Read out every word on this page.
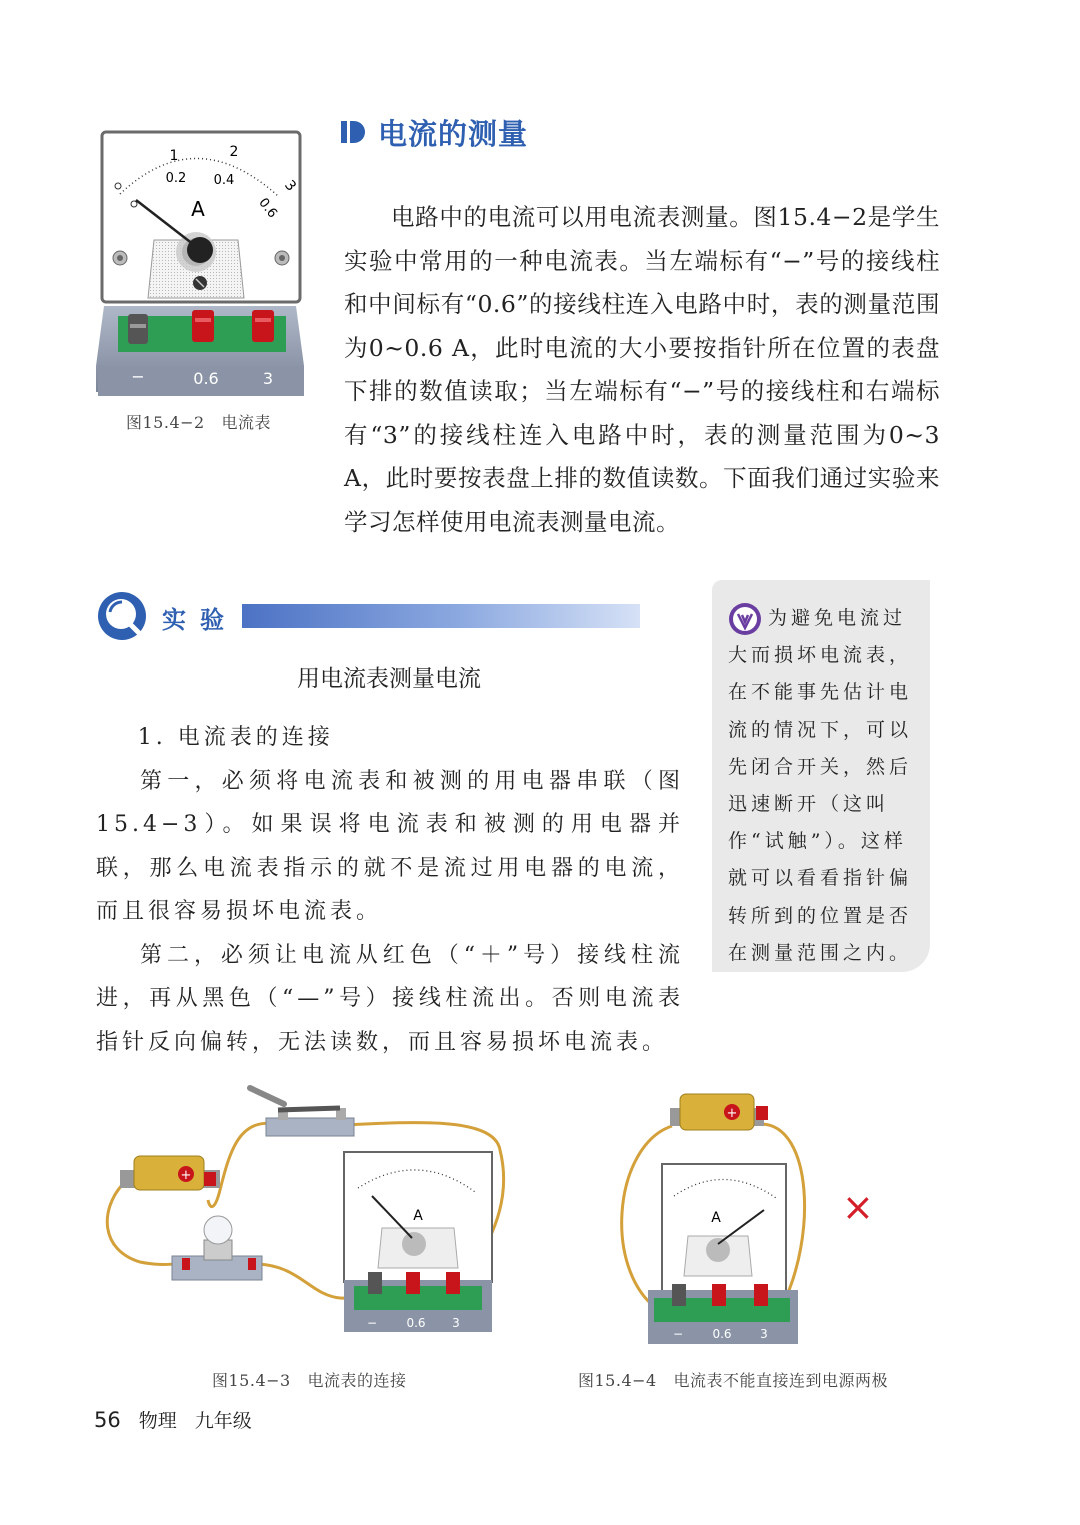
电流的测量
1	2
3
0.2 0.4
0.6
A
−	0.6	3
图15.4−2 电流表

电路中的电流可以用电流表测量。图15.4−2是学生实验中常用的一种电流表。当左端标有“−”号的接线柱和中间标有“0.6”的接线柱连入电路中时，表的测量范围为0~0.6 A，此时电流的大小要按指针所在位置的表盘下排的数值读取；当左端标有“−”号的接线柱和右端标有“3”的接线柱连入电路中时，表的测量范围为0~3 A，此时要按表盘上排的数值读数。下面我们通过实验来学习怎样使用电流表测量电流。

实验
用电流表测量电流

1. 电流表的连接

第一，必须将电流表和被测的用电器串联（图15.4−3）。如果误将电流表和被测的用电器并联，那么电流表指示的就不是流过用电器的电流，而且很容易损坏电流表。

第二，必须让电流从红色（“＋”号）接线柱流进，再从黑色（“—”号）接线柱流出。否则电流表指针反向偏转，无法读数，而且容易损坏电流表。

为避免电流过大而损坏电流表，在不能事先估计电流的情况下，可以先闭合开关，然后迅速断开（这叫作“试触”）。这样就可以看看指针偏转所到的位置是否在测量范围之内。
+
A
− 0.6 3
图15.4−3 电流表的连接
+
A
− 0.6 3
×
图15.4−4 电流表不能直接连到电源两极
56 物理 九年级
